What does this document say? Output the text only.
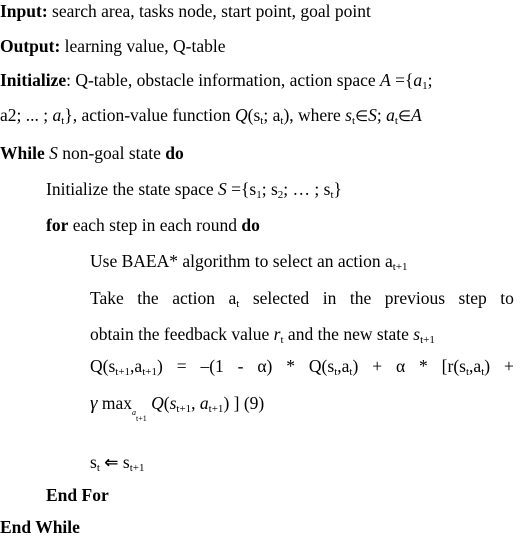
Input: search area, tasks node, start point, goal point
Output: learning value, Q-table
Initialize: Q-table, obstacle information, action space $A =\{a_1$;
a2; ... ; $a_t$}, action-value function $Q(s_t$; $a_t$), where $s_t\in S$; $a_t\in A$
While S non-goal state do
Initialize the state space $S =\{s_1$; $s_2$; … ; $s_t$}
for each step in each round do
Use BAEA* algorithm to select an action $a_{t+1}$
Take the action $a_t$ selected in the previous step to
obtain the feedback value $r_t$ and the new state $s_{t+1}$
$Q(s_{t+1},a_{t+1}) = -(1 - \alpha) * Q(s_t,a_t) + \alpha * [r(s_t,a_t)$ +
γ $\max_{a_{t+1}} Q(s_{t+1}$, $a_{t+1}$) ] (9)
$s_t$ ⇐ $s_{t+1}$
End For
End While
